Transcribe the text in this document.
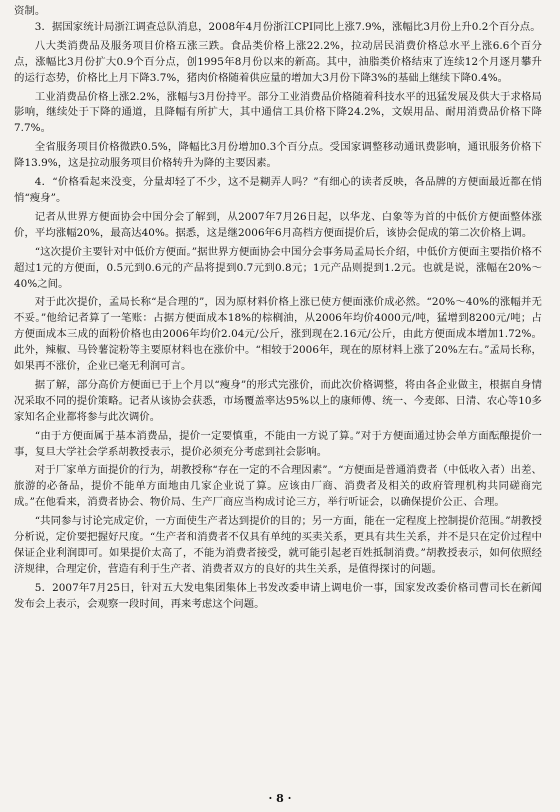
资制。

3．据国家统计局浙江调查总队消息，2008年4月份浙江CPI同比上涨7.9%，涨幅比3月份上升0.2个百分点。

八大类消费品及服务项目价格五涨三跌。食品类价格上涨22.2%，拉动居民消费价格总水平上涨6.6个百分点，涨幅比3月份扩大0.9个百分点，创1995年8月份以来的新高。其中，油脂类价格结束了连续12个月逐月攀升的运行态势，价格比上月下降3.7%，猪肉价格随着供应量的增加大3月份下降3%的基础上继续下降0.4%。

工业消费品价格上涨2.2%，涨幅与3月份持平。部分工业消费品价格随着科技水平的迅猛发展及供大于求格局影响，继续处于下降的通道，且降幅有所扩大，其中通信工具价格下降24.2%，文娱用品、耐用消费品价格下降7.7%。

全省服务项目价格微跌0.5%，降幅比3月份增加0.3个百分点。受国家调整移动通讯费影响，通讯服务价格下降13.9%，这是拉动服务项目价格转升为降的主要因素。

4．“价格看起来没变，分量却轻了不少，这不是糊弄人吗？”有细心的读者反映，各品牌的方便面最近都在悄悄“瘦身”。

记者从世界方便面协会中国分会了解到，从2007年7月26日起，以华龙、白象等为首的中低价方便面整体涨价，平均涨幅20%，最高达40%。据悉，这是继2006年6月高档方便面提价后，该协会促成的第二次价格上调。

“这次提价主要针对中低价方便面。”据世界方便面协会中国分会事务局孟局长介绍，中低价方便面主要指价格不超过1元的方便面，0.5元到0.6元的产品将提到0.7元到0.8元；1元产品则提到1.2元。也就是说，涨幅在20%～40%之间。

对于此次提价，孟局长称“是合理的”，因为原材料价格上涨已使方便面涨价成必然。“20%～40%的涨幅并无不妥。”他给记者算了一笔账：占据方便面成本18%的棕榈油，从2006年均价4000元/吨，猛增到8200元/吨；占方便面成本三成的面粉价格也由2006年均价2.04元/公斤，涨到现在2.16元/公斤，由此方便面成本增加1.72%。此外，辣椒、马铃薯淀粉等主要原材料也在涨价中。“相较于2006年，现在的原材料上涨了20%左右。”孟局长称，如果再不涨价，企业已毫无利润可言。

据了解，部分高价方便面已于上个月以“瘦身”的形式完涨价，而此次价格调整，将由各企业做主，根据自身情况采取不同的提价策略。记者从该协会获悉，市场覆盖率达95%以上的康师傅、统一、今麦郎、日清、农心等10多家知名企业都将参与此次调价。

“由于方便面属于基本消费品，提价一定要慎重，不能由一方说了算。”对于方便面通过协会单方面酝酿提价一事，复旦大学社会学系胡教授表示，提价必须充分考虑到社会影响。

对于厂家单方面提价的行为，胡教授称“存在一定的不合理因素”。“方便面是普通消费者（中低收入者）出差、旅游的必备品，提价不能单方面地由几家企业说了算。应该由厂商、消费者及相关的政府管理机构共同磋商完成。”在他看来，消费者协会、物价局、生产厂商应当构成讨论三方，举行听证会，以确保提价公正、合理。

“共同参与讨论完成定价，一方面使生产者达到提价的目的；另一方面，能在一定程度上控制提价范围。”胡教授分析说，定价要把握好尺度。“生产者和消费者不仅具有单纯的买卖关系，更具有共生关系，并不是只在定价过程中保证企业利润即可。如果提价太高了，不能为消费者接受，就可能引起老百姓抵制消费。”胡教授表示，如何依照经济规律，合理定价，营造有利于生产者、消费者双方的良好的共生关系，是值得探讨的问题。

5．2007年7月25日，针对五大发电集团集体上书发改委申请上调电价一事，国家发改委价格司曹司长在新闻发布会上表示，会观察一段时间，再来考虑这个问题。

· 8 ·
